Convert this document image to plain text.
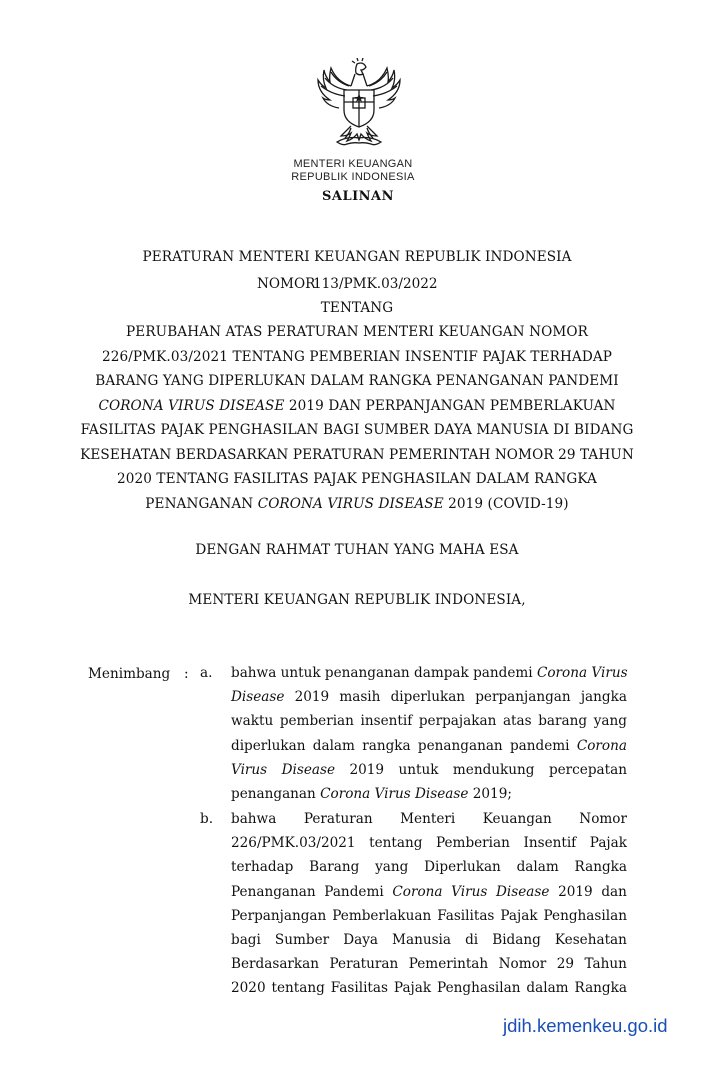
MENTERI KEUANGAN
REPUBLIK INDONESIA
SALINAN
PERATURAN MENTERI KEUANGAN REPUBLIK INDONESIA
NOMOR
113/PMK.03/2022
TENTANG
PERUBAHAN ATAS PERATURAN MENTERI KEUANGAN NOMOR
226/PMK.03/2021 TENTANG PEMBERIAN INSENTIF PAJAK TERHADAP
BARANG YANG DIPERLUKAN DALAM RANGKA PENANGANAN PANDEMI
CORONA VIRUS DISEASE 2019 DAN PERPANJANGAN PEMBERLAKUAN
FASILITAS PAJAK PENGHASILAN BAGI SUMBER DAYA MANUSIA DI BIDANG
KESEHATAN BERDASARKAN PERATURAN PEMERINTAH NOMOR 29 TAHUN
2020 TENTANG FASILITAS PAJAK PENGHASILAN DALAM RANGKA
PENANGANAN CORONA VIRUS DISEASE 2019 (COVID-19)
DENGAN RAHMAT TUHAN YANG MAHA ESA
MENTERI KEUANGAN REPUBLIK INDONESIA,
Menimbang : a. bahwa untuk penanganan dampak pandemi Corona Virus
Disease 2019 masih diperlukan perpanjangan jangka
waktu pemberian insentif perpajakan atas barang yang
diperlukan dalam rangka penanganan pandemi Corona
Virus Disease 2019 untuk mendukung percepatan
penanganan Corona Virus Disease 2019;
b. bahwa Peraturan Menteri Keuangan Nomor
226/PMK.03/2021 tentang Pemberian Insentif Pajak
terhadap Barang yang Diperlukan dalam Rangka
Penanganan Pandemi Corona Virus Disease 2019 dan
Perpanjangan Pemberlakuan Fasilitas Pajak Penghasilan
bagi Sumber Daya Manusia di Bidang Kesehatan
Berdasarkan Peraturan Pemerintah Nomor 29 Tahun
2020 tentang Fasilitas Pajak Penghasilan dalam Rangka
jdih.kemenkeu.go.id
